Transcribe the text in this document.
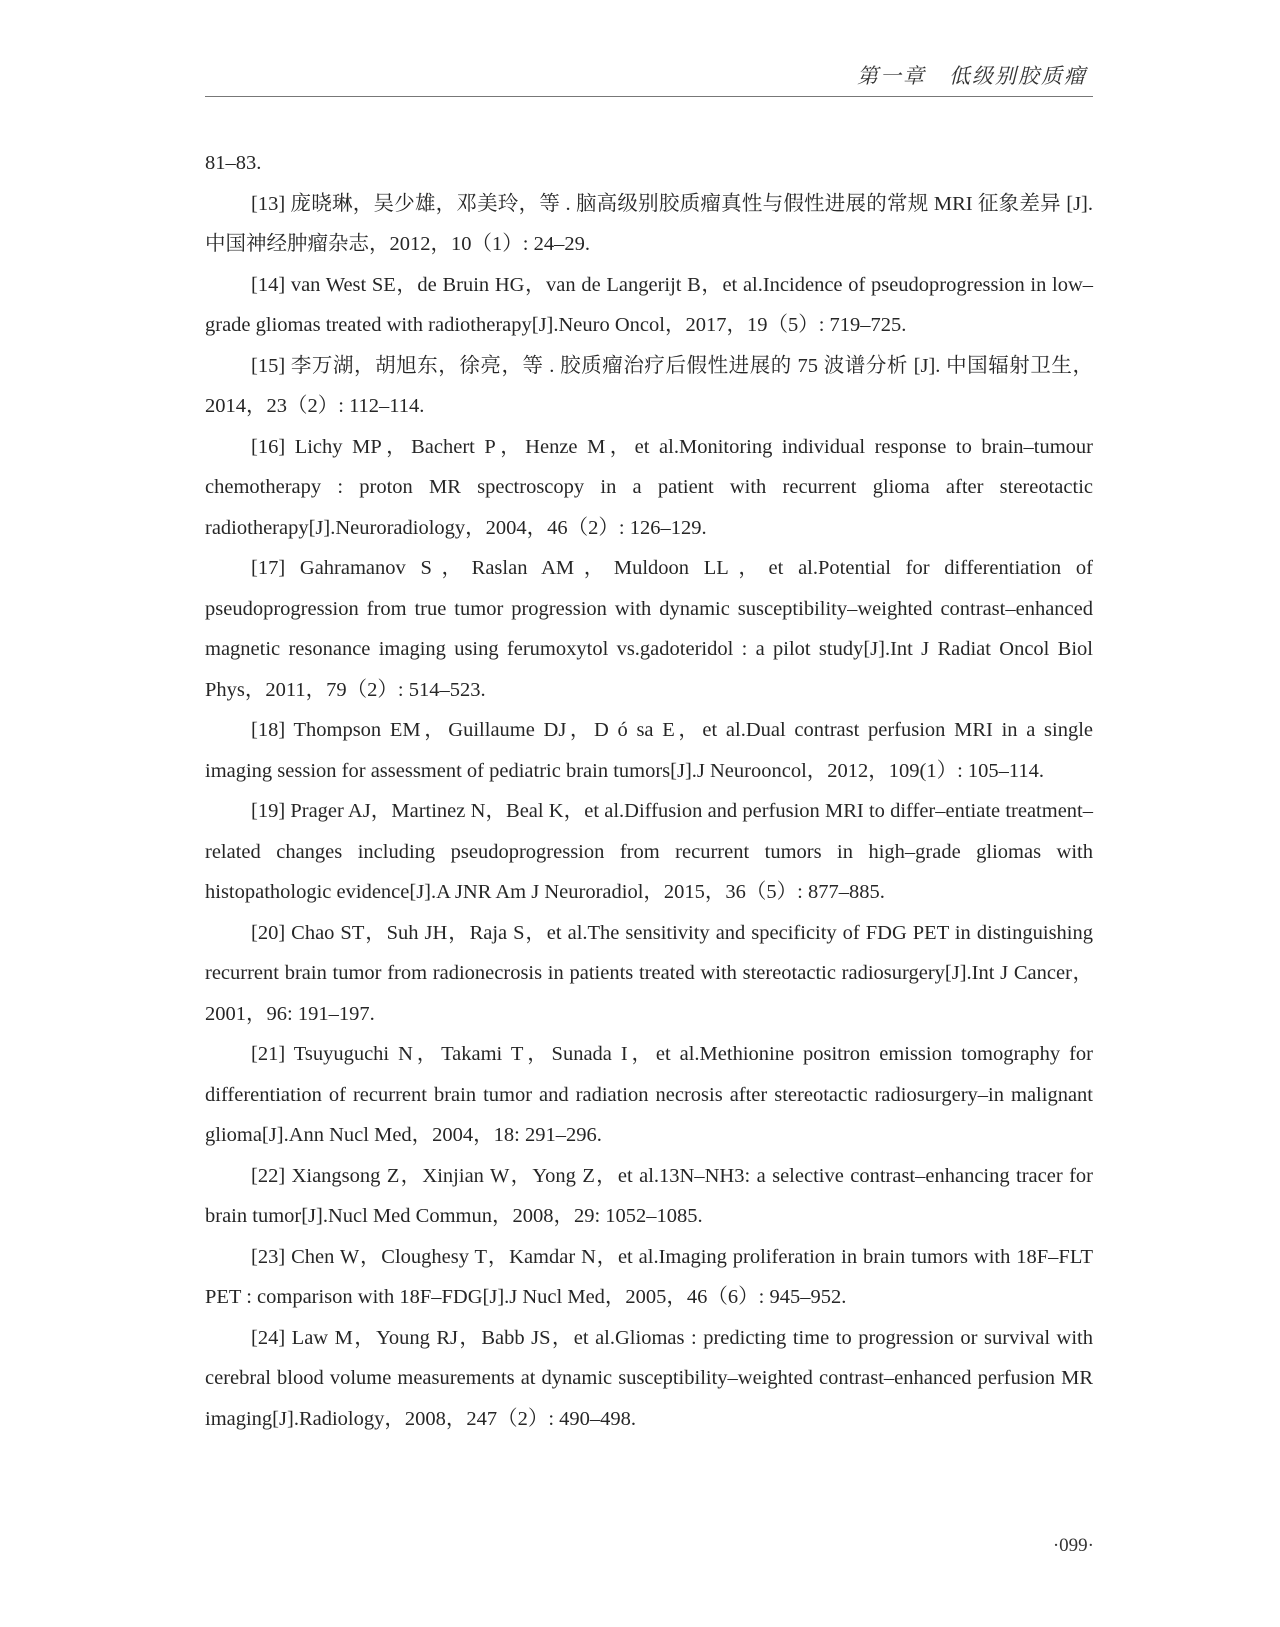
第一章　低级别胶质瘤

81–83.

[13] 庞晓琳，吴少雄，邓美玲，等 . 脑高级别胶质瘤真性与假性进展的常规 MRI 征象差异 [J]. 中国神经肿瘤杂志，2012，10（1）: 24–29.

[14] van West SE，de Bruin HG，van de Langerijt B，et al.Incidence of pseudoprogression in low–grade gliomas treated with radiotherapy[J].Neuro Oncol，2017，19（5）: 719–725.

[15] 李万湖，胡旭东，徐亮，等 . 胶质瘤治疗后假性进展的 75 波谱分析 [J]. 中国辐射卫生，2014，23（2）: 112–114.

[16] Lichy MP，Bachert P，Henze M，et al.Monitoring individual response to brain–tumour chemotherapy : proton MR spectroscopy in a patient with recurrent glioma after stereotactic radiotherapy[J].Neuroradiology，2004，46（2）: 126–129.

[17] Gahramanov S，Raslan AM，Muldoon LL，et al.Potential for differentiation of pseudoprogression from true tumor progression with dynamic susceptibility–weighted contrast–enhanced magnetic resonance imaging using ferumoxytol vs.gadoteridol : a pilot study[J].Int J Radiat Oncol Biol Phys，2011，79（2）: 514–523.

[18] Thompson EM，Guillaume DJ，D ó sa E，et al.Dual contrast perfusion MRI in a single imaging session for assessment of pediatric brain tumors[J].J Neurooncol，2012，109(1）: 105–114.

[19] Prager AJ，Martinez N，Beal K，et al.Diffusion and perfusion MRI to differ–entiate treatment–related changes including pseudoprogression from recurrent tumors in high–grade gliomas with histopathologic evidence[J].A JNR Am J Neuroradiol，2015，36（5）: 877–885.

[20] Chao ST，Suh JH，Raja S，et al.The sensitivity and specificity of FDG PET in distinguishing recurrent brain tumor from radionecrosis in patients treated with stereotactic radiosurgery[J].Int J Cancer，2001，96: 191–197.

[21] Tsuyuguchi N，Takami T，Sunada I，et al.Methionine positron emission tomography for differentiation of recurrent brain tumor and radiation necrosis after stereotactic radiosurgery–in malignant glioma[J].Ann Nucl Med，2004，18: 291–296.

[22] Xiangsong Z，Xinjian W，Yong Z，et al.13N–NH3: a selective contrast–enhancing tracer for brain tumor[J].Nucl Med Commun，2008，29: 1052–1085.

[23] Chen W，Cloughesy T，Kamdar N，et al.Imaging proliferation in brain tumors with 18F–FLT PET : comparison with 18F–FDG[J].J Nucl Med，2005，46（6）: 945–952.

[24] Law M，Young RJ，Babb JS，et al.Gliomas : predicting time to progression or survival with cerebral blood volume measurements at dynamic susceptibility–weighted contrast–enhanced perfusion MR imaging[J].Radiology，2008，247（2）: 490–498.

·099·
